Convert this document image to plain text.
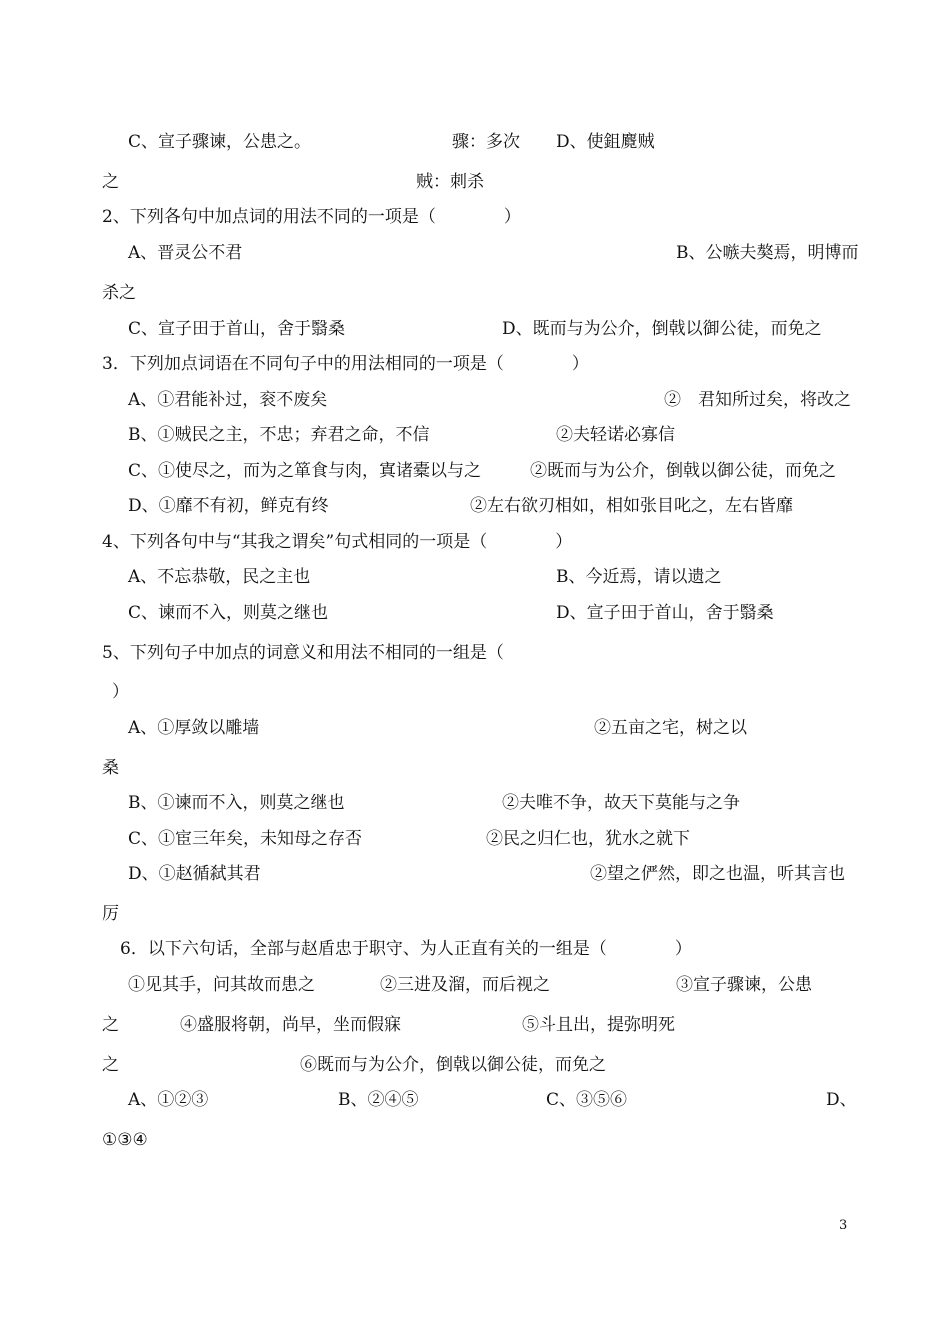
C、宣子骤谏，公患之。	骤：多次 D、使鉏麑贼
之	贼：刺杀
2、下列各句中加点词的用法不同的一项是（　　　　）
A、晋灵公不君	B、公嗾夫獒焉，明博而
杀之
C、宣子田于首山，舍于翳桑	D、既而与为公介，倒戟以御公徒，而免之
3．下列加点词语在不同句子中的用法相同的一项是（　　　　）
A、①君能补过，衮不废矣	②　君知所过矣，将改之
B、①贼民之主，不忠；弃君之命，不信	②夫轻诺必寡信
C、①使尽之，而为之箪食与肉，寘诸橐以与之	②既而与为公介，倒戟以御公徒，而免之
D、①靡不有初，鲜克有终	②左右欲刃相如，相如张目叱之，左右皆靡
4、下列各句中与“其我之谓矣”句式相同的一项是（　　　　）
A、不忘恭敬，民之主也	B、今近焉，请以遗之
C、谏而不入，则莫之继也	D、宣子田于首山，舍于翳桑
5、下列句子中加点的词意义和用法不相同的一组是（
）
A、①厚敛以雕墙	②五亩之宅，树之以
桑
B、①谏而不入，则莫之继也	②夫唯不争，故天下莫能与之争
C、①宦三年矣，未知母之存否	②民之归仁也，犹水之就下
D、①赵循弑其君	②望之俨然，即之也温，听其言也
厉
6．以下六句话，全部与赵盾忠于职守、为人正直有关的一组是（　　　　）
①见其手，问其故而患之	②三进及溜，而后视之	③宣子骤谏，公患
之	④盛服将朝，尚早，坐而假寐	⑤斗且出，提弥明死
之	⑥既而与为公介，倒戟以御公徒，而免之
A、①②③	B、②④⑤	C、③⑤⑥	D、
①③④
3
